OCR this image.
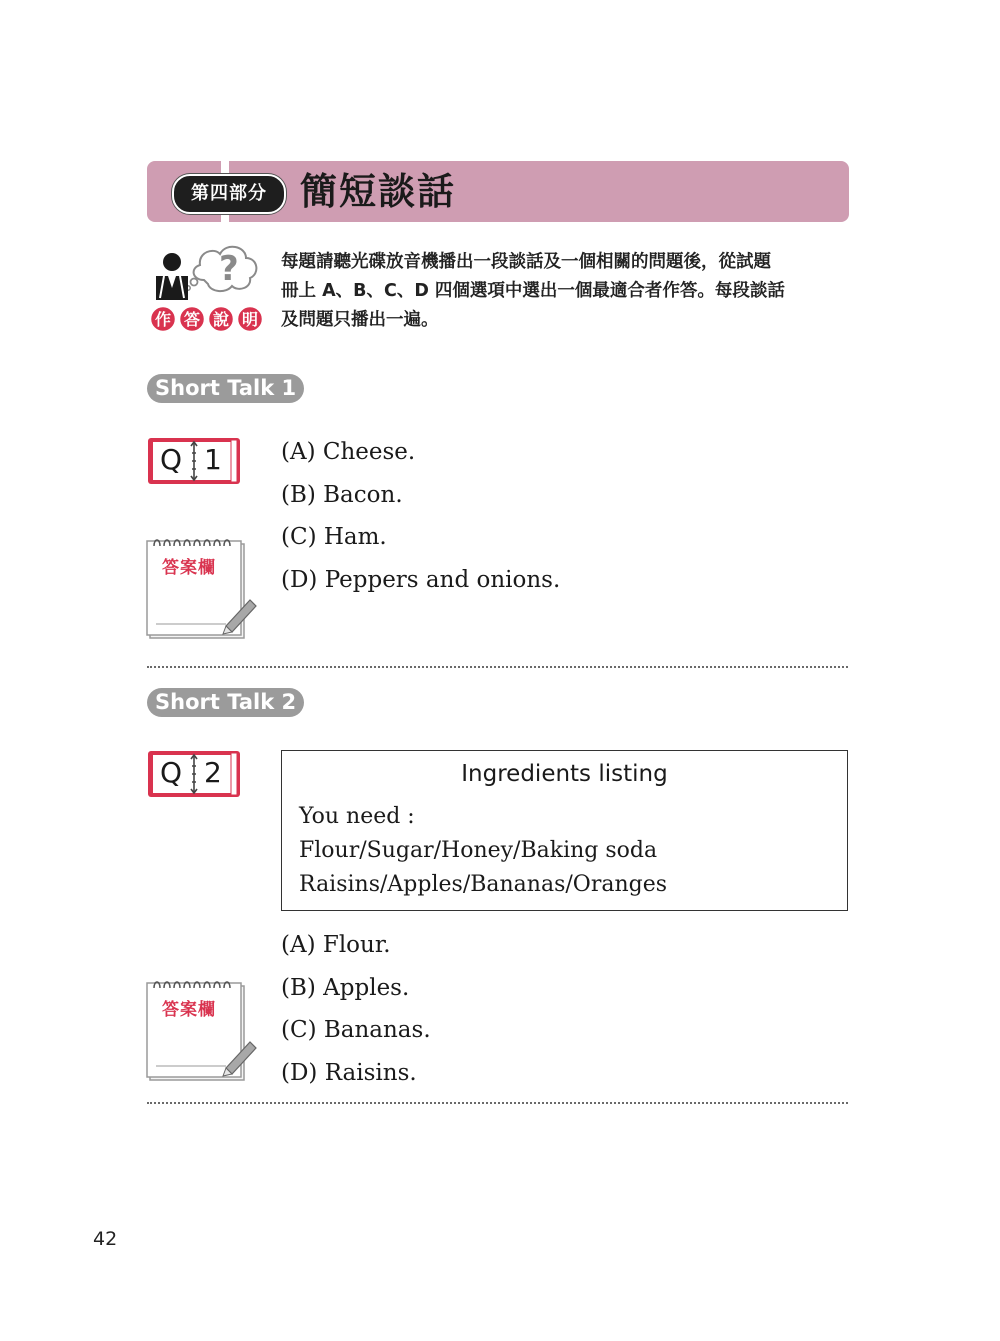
第四部分 簡短談話
?
作 答 說 明
每題請聽光碟放音機播出一段談話及一個相關的問題後，從試題
冊上 A、B、C、D 四個選項中選出一個最適合者作答。每段談話
及問題只播出一遍。
Short Talk 1
Q 1	(A) Cheese.
(B) Bacon.
(C) Ham.
(D) Peppers and onions.
答案欄
Short Talk 2
Q 2	Ingredients listing
You need :
Flour/Sugar/Honey/Baking soda
Raisins/Apples/Bananas/Oranges
(A) Flour.
(B) Apples.
(C) Bananas.
(D) Raisins.
答案欄
42
